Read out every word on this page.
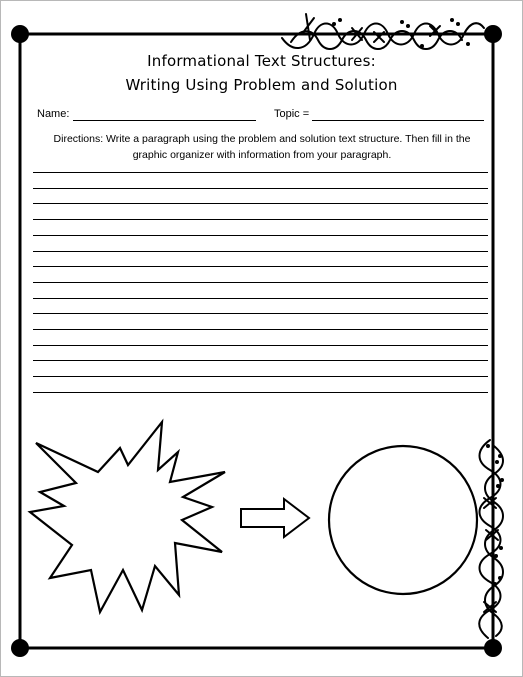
Informational Text Structures:
Writing Using Problem and Solution
Name:	Topic =
Directions: Write a paragraph using the problem and solution text structure. Then fill in the graphic organizer with information from your paragraph.
